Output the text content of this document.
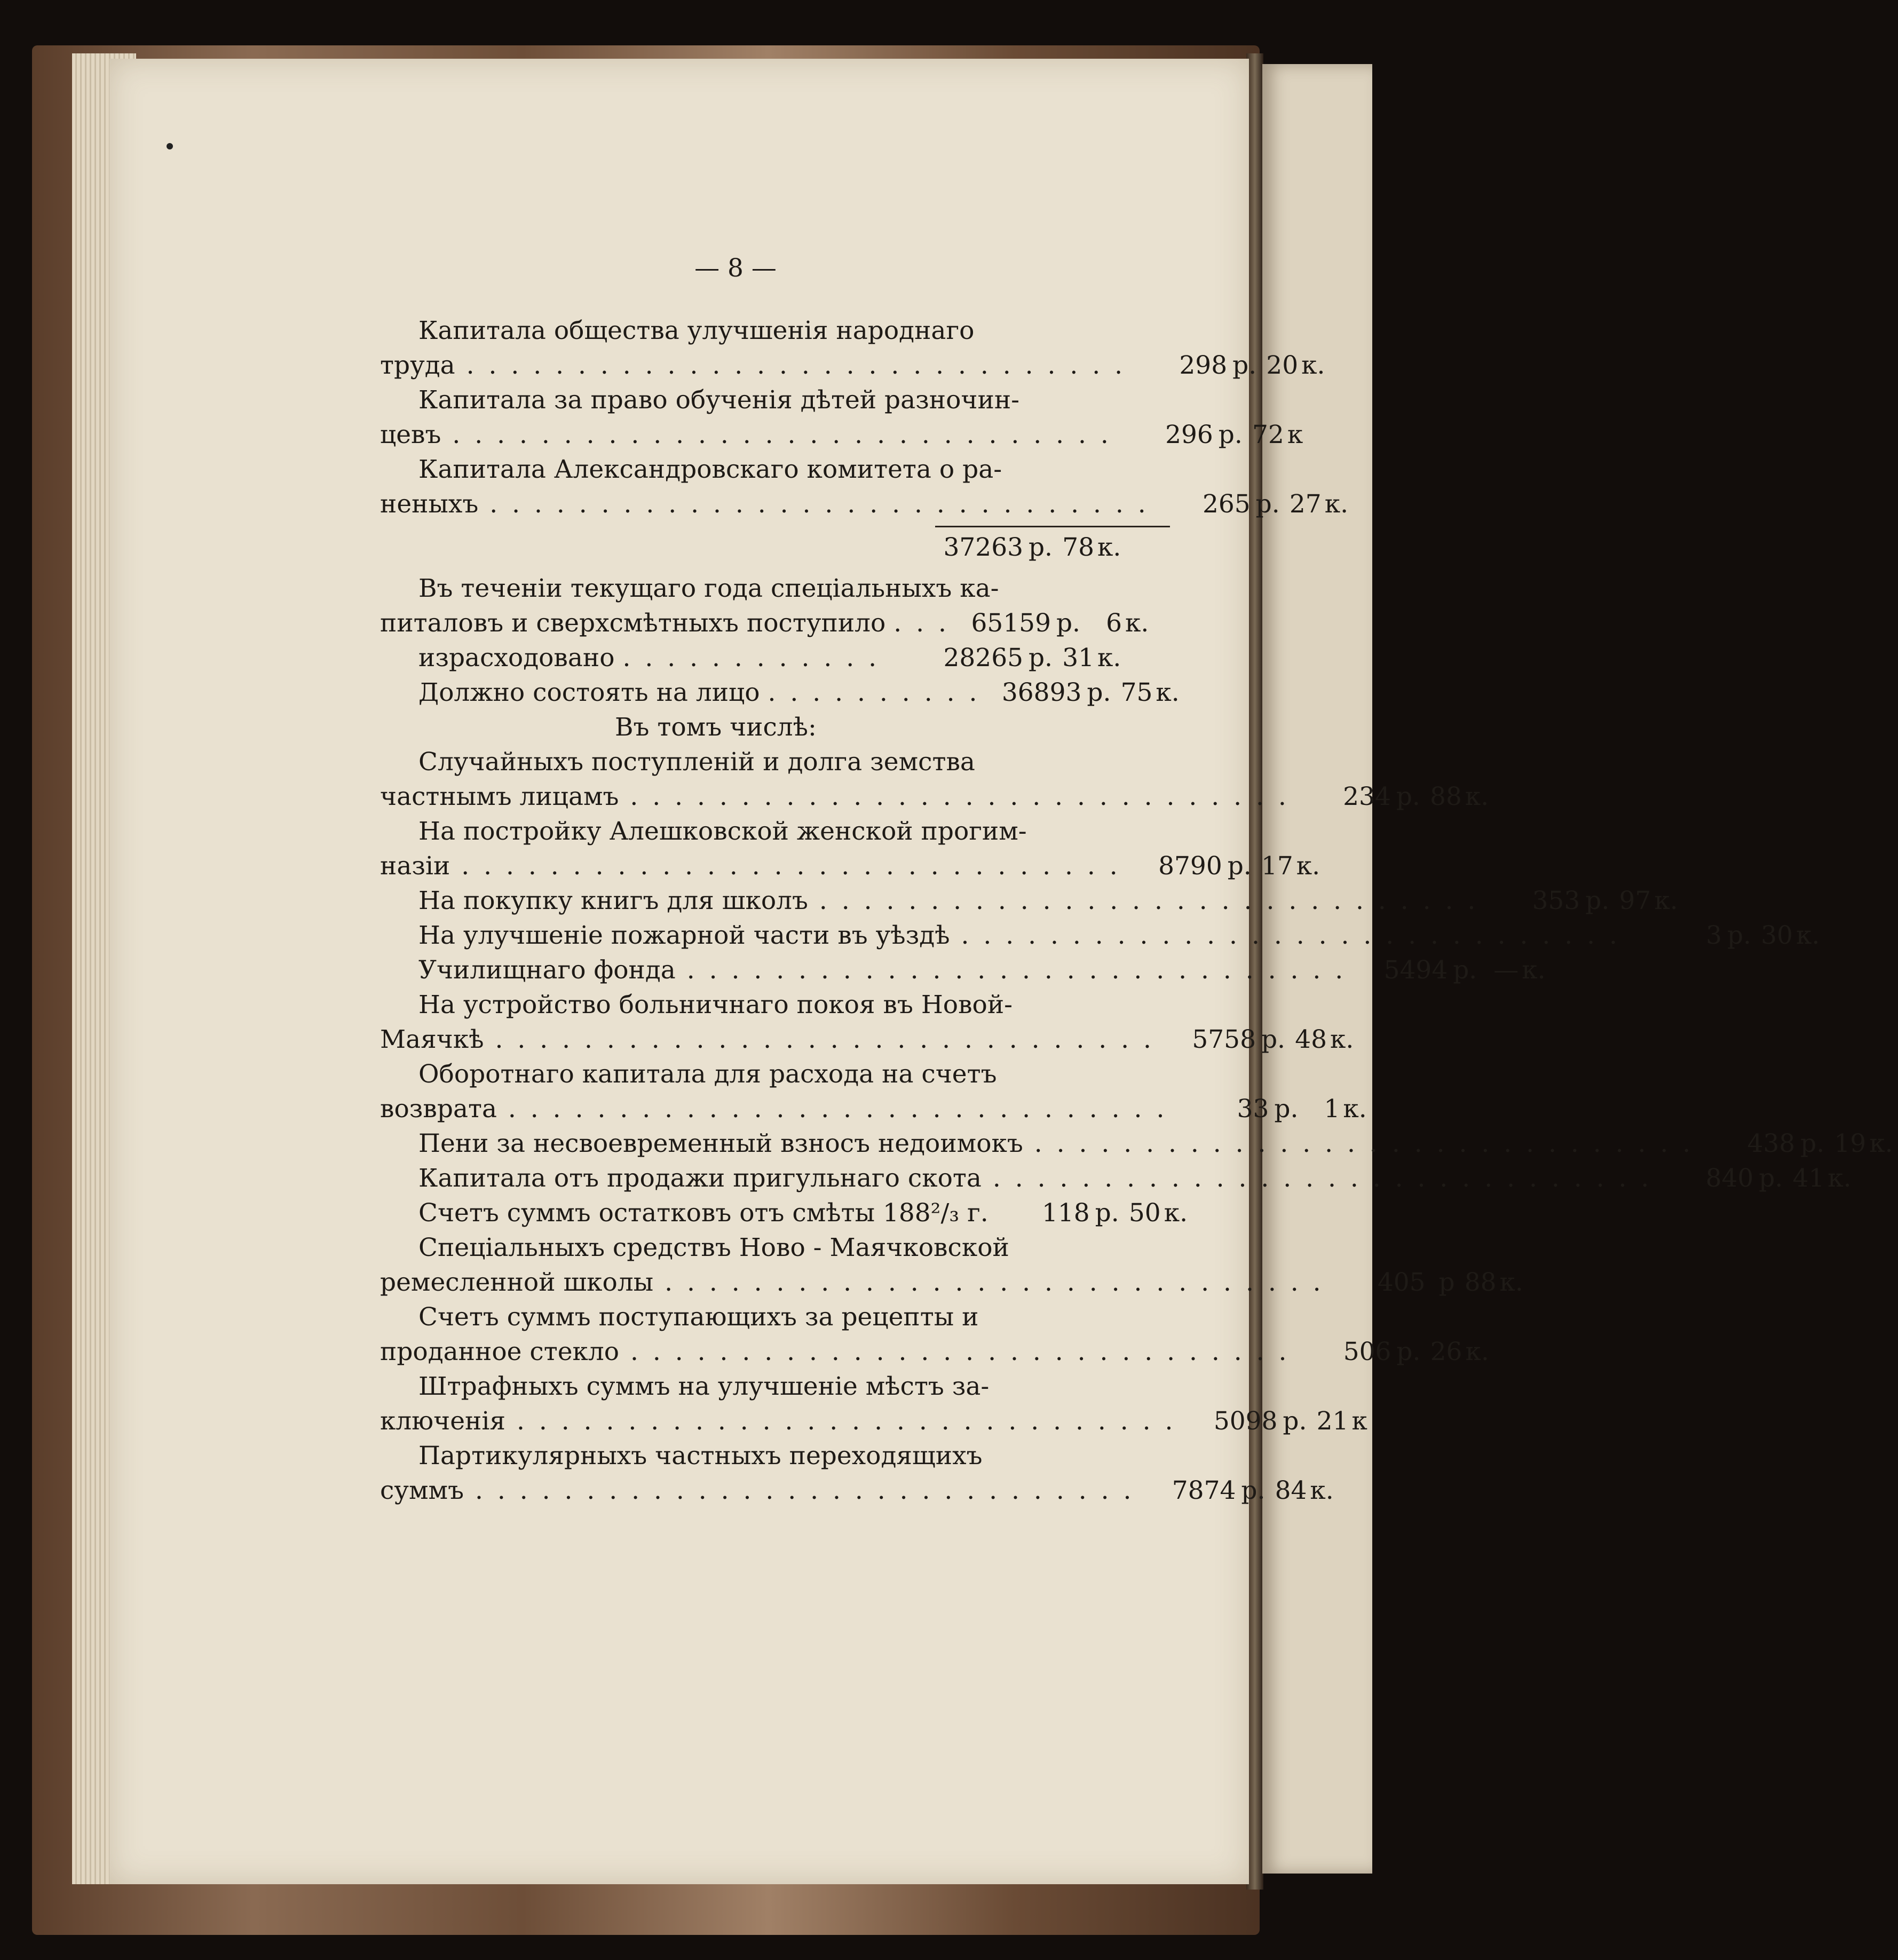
— 8 —
Капитала общества улучшенія народнаго
труда . . . . . . . . . . . . . . . . . . . . . . . . . . . . . .	298 р. 20 к.
Капитала за право обученія дѣтей разночин-
цевъ . . . . . . . . . . . . . . . . . . . . . . . . . . . . . .	296 р. 72 к
Капитала Александровскаго комитета о ра-
неныхъ . . . . . . . . . . . . . . . . . . . . . . . . . . . . . .	265 р. 27 к.
37263 р. 78 к.
Въ теченіи текущаго года спеціальныхъ ка-
питаловъ и сверхсмѣтныхъ поступило . . . 65159 р.	6 к.
израсходовано . . . . . . . . . . . .	28265 р. 31 к.
Должно состоять на лицо . . . . . . . . . . 36893 р. 75 к.
Въ томъ числѣ:
Случайныхъ поступленій и долга земства
частнымъ лицамъ . . . . . . . . . . . . . . . . . . . . . . . . . . . . . .	234 р. 88 к.
На постройку Алешковской женской прогим-
назіи . . . . . . . . . . . . . . . . . . . . . . . . . . . . . .	8790 р. 17 к.
На покупку книгъ для школъ . . . . . . . . . . . . . . . . . . . . . . . . . . . . . .	353 р. 97 к.
На улучшеніе пожарной части въ уѣздѣ . . . . . . . . . . . . . . . . . . . . . . . . . . . . . .	3 р. 30 к.
Училищнаго фонда . . . . . . . . . . . . . . . . . . . . . . . . . . . . . .	5494 р. — к.
На устройство больничнаго покоя въ Новой-
Маячкѣ . . . . . . . . . . . . . . . . . . . . . . . . . . . . . .	5758 р. 48 к.
Оборотнаго капитала для расхода на счетъ
возврата . . . . . . . . . . . . . . . . . . . . . . . . . . . . . .	33 р.	1 к.
Пени за несвоевременный взносъ недоимокъ . . . . . . . . . . . . . . . . . . . . . . . . . . . . . .	438 р. 19 к.
Капитала отъ продажи пригульнаго скота . . . . . . . . . . . . . . . . . . . . . . . . . . . . . .	840 р. 41 к.
Счетъ суммъ остатковъ отъ смѣты 188²/₃ г.	118 р. 50 к.
Спеціальныхъ средствъ Ново - Маячковской
ремесленной школы . . . . . . . . . . . . . . . . . . . . . . . . . . . . . .	405 р 88 к.
Счетъ суммъ поступающихъ за рецепты и
проданное стекло . . . . . . . . . . . . . . . . . . . . . . . . . . . . . .	506 р. 26 к.
Штрафныхъ суммъ на улучшеніе мѣстъ за-
ключенія . . . . . . . . . . . . . . . . . . . . . . . . . . . . . .	5098 р. 21 к
Партикулярныхъ частныхъ переходящихъ
суммъ . . . . . . . . . . . . . . . . . . . . . . . . . . . . . .	7874 р. 84 к.
